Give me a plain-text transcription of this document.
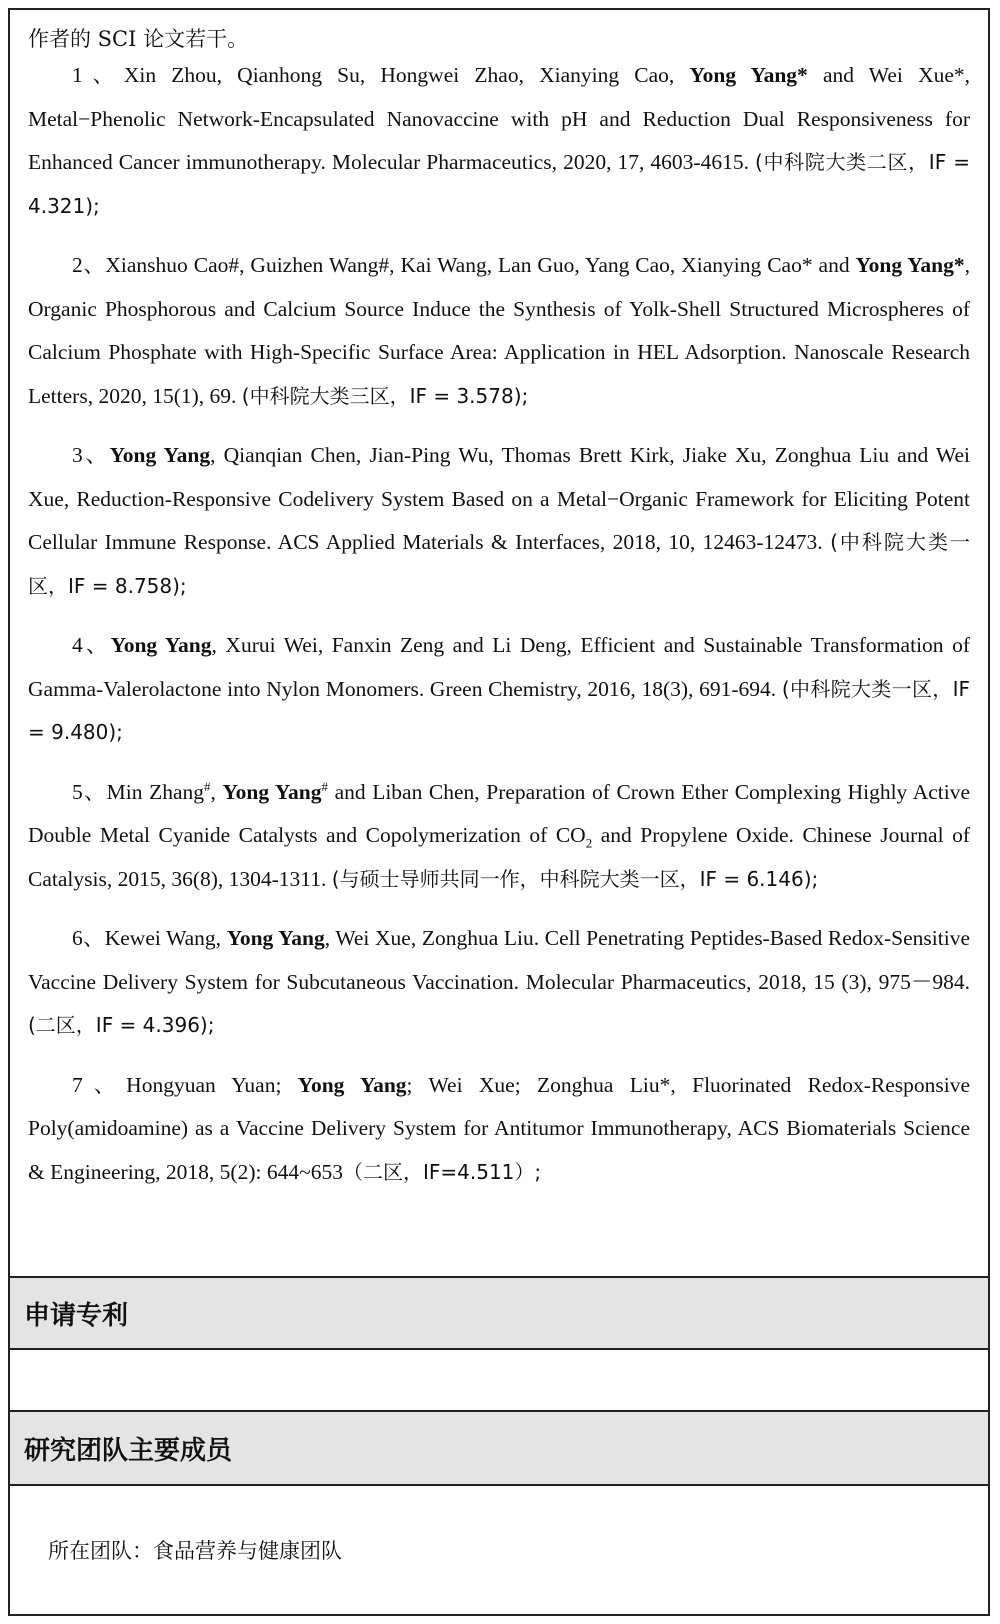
作者的 SCI 论文若干。

1、Xin Zhou, Qianhong Su, Hongwei Zhao, Xianying Cao, Yong Yang* and Wei Xue*, Metal−Phenolic Network-Encapsulated Nanovaccine with pH and Reduction Dual Responsiveness for Enhanced Cancer immunotherapy. Molecular Pharmaceutics, 2020, 17, 4603-4615. (中科院大类二区，IF = 4.321);

2、Xianshuo Cao#, Guizhen Wang#, Kai Wang, Lan Guo, Yang Cao, Xianying Cao* and Yong Yang*, Organic Phosphorous and Calcium Source Induce the Synthesis of Yolk-Shell Structured Microspheres of Calcium Phosphate with High-Specific Surface Area: Application in HEL Adsorption. Nanoscale Research Letters, 2020, 15(1), 69. (中科院大类三区，IF = 3.578);

3、Yong Yang, Qianqian Chen, Jian-Ping Wu, Thomas Brett Kirk, Jiake Xu, Zonghua Liu and Wei Xue, Reduction-Responsive Codelivery System Based on a Metal−Organic Framework for Eliciting Potent Cellular Immune Response. ACS Applied Materials & Interfaces, 2018, 10, 12463-12473. (中科院大类一区，IF = 8.758);

4、Yong Yang, Xurui Wei, Fanxin Zeng and Li Deng, Efficient and Sustainable Transformation of Gamma-Valerolactone into Nylon Monomers. Green Chemistry, 2016, 18(3), 691-694. (中科院大类一区，IF = 9.480);

5、Min Zhang#, Yong Yang# and Liban Chen, Preparation of Crown Ether Complexing Highly Active Double Metal Cyanide Catalysts and Copolymerization of $CO_2$ and Propylene Oxide. Chinese Journal of Catalysis, 2015, 36(8), 1304-1311. (与硕士导师共同一作，中科院大类一区，IF = 6.146);

6、Kewei Wang, Yong Yang, Wei Xue, Zonghua Liu. Cell Penetrating Peptides-Based Redox-Sensitive Vaccine Delivery System for Subcutaneous Vaccination. Molecular Pharmaceutics, 2018, 15 (3), 975－984. (二区，IF = 4.396);

7、Hongyuan Yuan; Yong Yang; Wei Xue; Zonghua Liu*, Fluorinated Redox-Responsive Poly(amidoamine) as a Vaccine Delivery System for Antitumor Immunotherapy, ACS Biomaterials Science & Engineering, 2018, 5(2): 644~653（二区，IF=4.511）;

申请专利
研究团队主要成员
所在团队： 食品营养与健康团队
